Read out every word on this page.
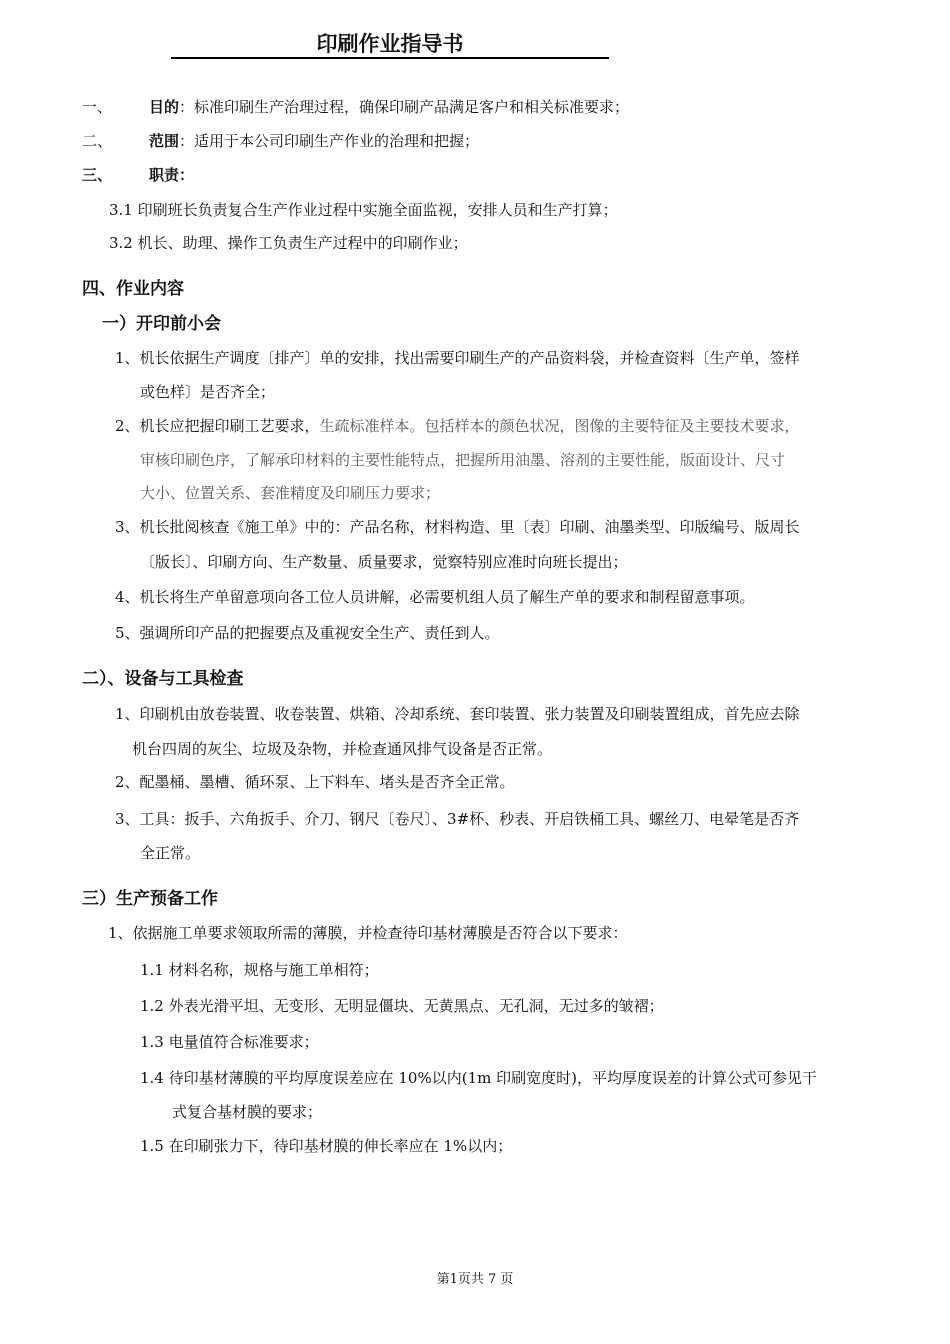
印刷作业指导书
一、 目的：标准印刷生产治理过程，确保印刷产品满足客户和相关标准要求；
二、 范围：适用于本公司印刷生产作业的治理和把握；
三、 职责：
3.1 印刷班长负责复合生产作业过程中实施全面监视，安排人员和生产打算；
3.2 机长、助理、操作工负责生产过程中的印刷作业；
四、作业内容
一）开印前小会
1、机长依据生产调度〔排产〕单的安排，找出需要印刷生产的产品资料袋，并检查资料〔生产单，签样
或色样〕是否齐全；
2、机长应把握印刷工艺要求，生疏标准样本。包括样本的颜色状况，图像的主要特征及主要技术要求，
审核印刷色序，了解承印材料的主要性能特点，把握所用油墨、溶剂的主要性能，版面设计、尺寸
大小、位置关系、套准精度及印刷压力要求；
3、机长批阅核查《施工单》中的：产品名称，材料构造、里〔表〕印刷、油墨类型、印版编号、版周长
〔版长〕、印刷方向、生产数量、质量要求，觉察特别应准时向班长提出；
4、机长将生产单留意项向各工位人员讲解，必需要机组人员了解生产单的要求和制程留意事项。
5、强调所印产品的把握要点及重视安全生产、责任到人。
二）、设备与工具检查
1、印刷机由放卷装置、收卷装置、烘箱、冷却系统、套印装置、张力装置及印刷装置组成，首先应去除
机台四周的灰尘、垃圾及杂物，并检查通风排气设备是否正常。
2、配墨桶、墨槽、循环泵、上下料车、堵头是否齐全正常。
3、工具：扳手、六角扳手、介刀、钢尺〔卷尺〕、3#杯、秒表、开启铁桶工具、螺丝刀、电晕笔是否齐
全正常。
三）生产预备工作
1、依据施工单要求领取所需的薄膜，并检查待印基材薄膜是否符合以下要求：
1.1 材料名称，规格与施工单相符；
1.2 外表光滑平坦、无变形、无明显僵块、无黄黑点、无孔洞，无过多的皱褶；
1.3 电量值符合标准要求；
1.4 待印基材薄膜的平均厚度误差应在 10%以内(1m 印刷宽度时)，平均厚度误差的计算公式可参见干
式复合基材膜的要求；
1.5 在印刷张力下，待印基材膜的伸长率应在 1%以内；
第1页共 7 页
